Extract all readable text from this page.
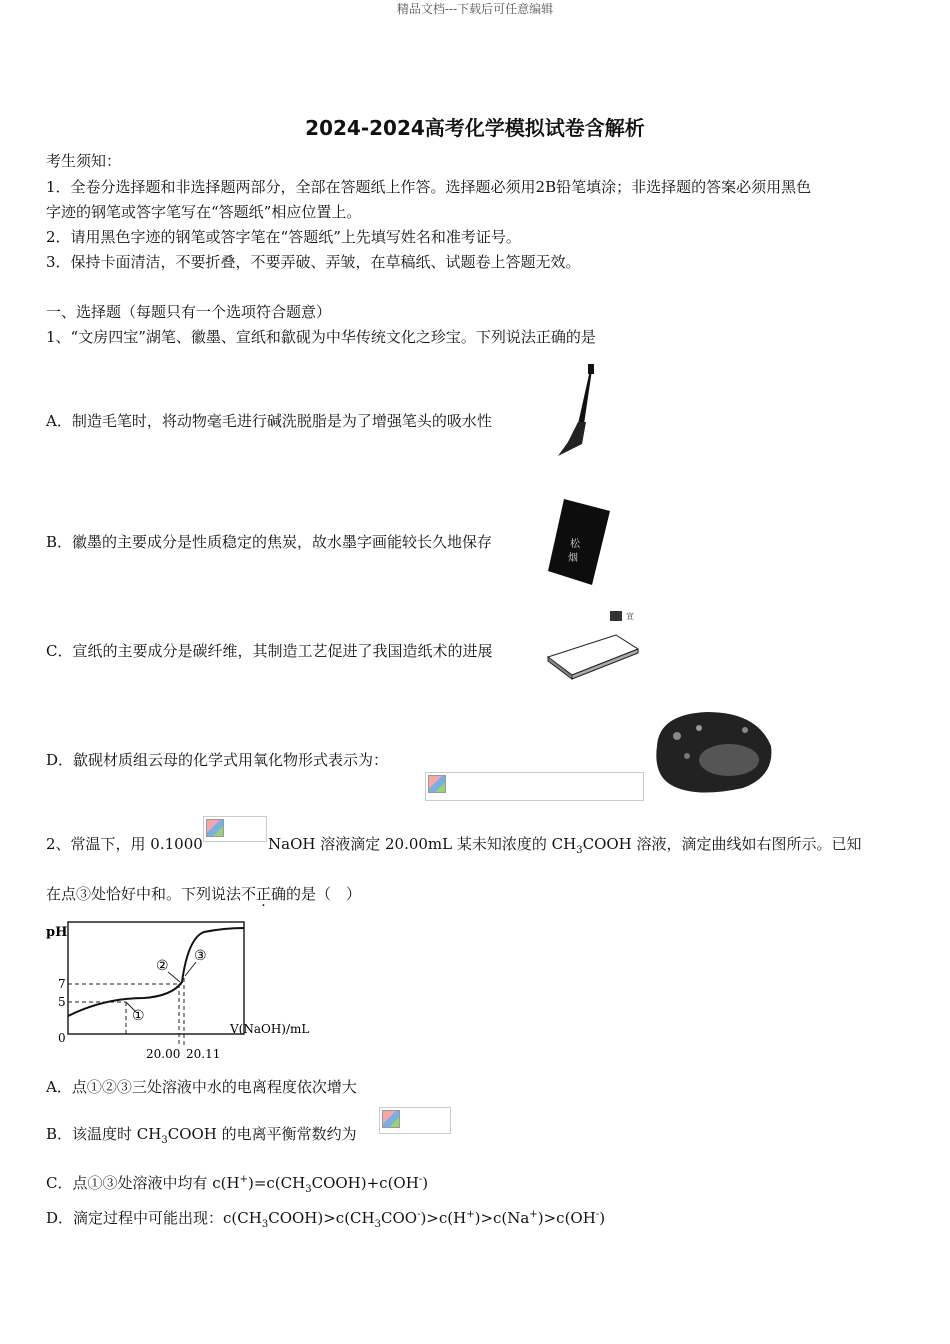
精品文档---下载后可任意编辑
2024-2024高考化学模拟试卷含解析
考生须知：
1．全卷分选择题和非选择题两部分，全部在答题纸上作答。选择题必须用2B铅笔填涂；非选择题的答案必须用黑色
字迹的钢笔或答字笔写在“答题纸”相应位置上。
2．请用黑色字迹的钢笔或答字笔在“答题纸”上先填写姓名和准考证号。
3．保持卡面清洁，不要折叠，不要弄破、弄皱，在草稿纸、试题卷上答题无效。
一、选择题（每题只有一个选项符合题意）
1、“文房四宝”湖笔、徽墨、宣纸和歙砚为中华传统文化之珍宝。下列说法正确的是
A．制造毛笔时，将动物毫毛进行碱洗脱脂是为了增强笔头的吸水性
B．徽墨的主要成分是性质稳定的焦炭，故水墨字画能较长久地保存	松
烟
C．宣纸的主要成分是碳纤维，其制造工艺促进了我国造纸术的进展
宣
D．歙砚材质组云母的化学式用氧化物形式表示为：
2、常温下，用 0.1000	NaOH 溶液滴定 20.00mL 某未知浓度的 $CH_3COOH$ 溶液，滴定曲线如右图所示。已知
在点③处恰好中和。下列说法不正确的是（　）
pH
7
5
0
①
②
③
V(NaOH)/mL
20.00 20.11
A．点①②③三处溶液中水的电离程度依次增大
B．该温度时 $CH_3COOH$ 的电离平衡常数约为
C．点①③处溶液中均有 $c(H^+)=c(CH_3COOH)+c(OH^-)$
D．滴定过程中可能出现：$c(CH_3COOH)>c(CH_3COO^-)>c(H^+)>c(Na^+)>c(OH^-)$
